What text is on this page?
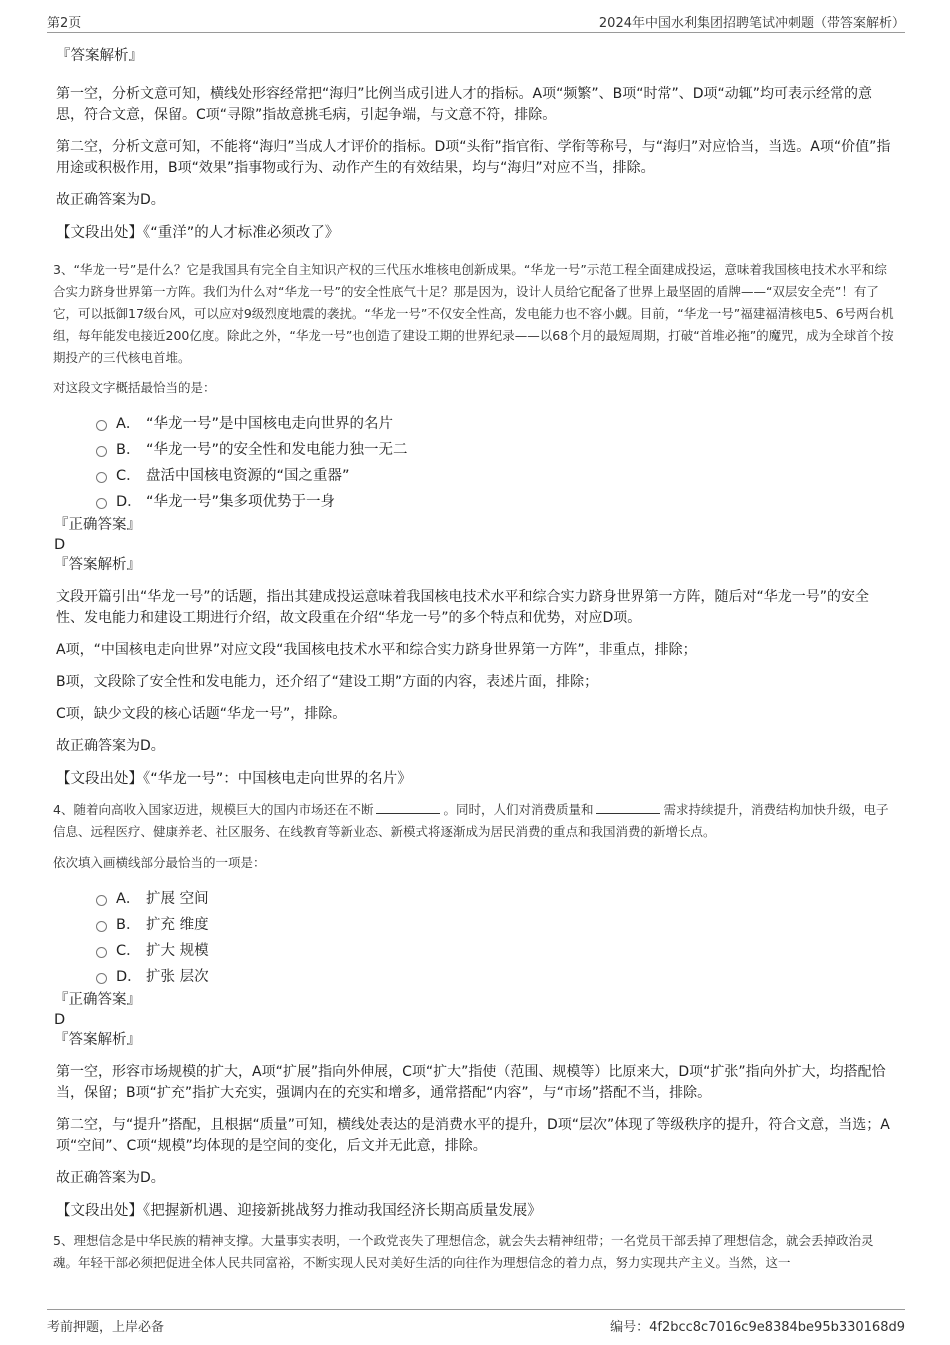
第2页	2024年中国水利集团招聘笔试冲刺题（带答案解析）

『答案解析』

第一空，分析文意可知，横线处形容经常把“海归”比例当成引进人才的指标。A项“频繁”、B项“时常”、D项“动辄”均可表示经常的意思，符合文意，保留。C项“寻隙”指故意挑毛病，引起争端，与文意不符，排除。

第二空，分析文意可知，不能将“海归”当成人才评价的指标。D项“头衔”指官衔、学衔等称号，与“海归”对应恰当，当选。A项“价值”指用途或积极作用，B项“效果”指事物或行为、动作产生的有效结果，均与“海归”对应不当，排除。

故正确答案为D。

【文段出处】《“重洋”的人才标准必须改了》

3、“华龙一号”是什么？它是我国具有完全自主知识产权的三代压水堆核电创新成果。“华龙一号”示范工程全面建成投运，意味着我国核电技术水平和综合实力跻身世界第一方阵。我们为什么对“华龙一号”的安全性底气十足？那是因为，设计人员给它配备了世界上最坚固的盾牌——“双层安全壳”！有了它，可以抵御17级台风，可以应对9级烈度地震的袭扰。“华龙一号”不仅安全性高，发电能力也不容小觑。目前，“华龙一号”福建福清核电5、6号两台机组，每年能发电接近200亿度。除此之外，“华龙一号”也创造了建设工期的世界纪录——以68个月的最短周期，打破“首堆必拖”的魔咒，成为全球首个按期投产的三代核电首堆。

对这段文字概括最恰当的是：

A． “华龙一号”是中国核电走向世界的名片
B． “华龙一号”的安全性和发电能力独一无二
C． 盘活中国核电资源的“国之重器”
D． “华龙一号”集多项优势于一身

『正确答案』

D

『答案解析』

文段开篇引出“华龙一号”的话题，指出其建成投运意味着我国核电技术水平和综合实力跻身世界第一方阵，随后对“华龙一号”的安全性、发电能力和建设工期进行介绍，故文段重在介绍“华龙一号”的多个特点和优势，对应D项。

A项，“中国核电走向世界”对应文段“我国核电技术水平和综合实力跻身世界第一方阵”，非重点，排除；

B项，文段除了安全性和发电能力，还介绍了“建设工期”方面的内容，表述片面，排除；

C项，缺少文段的核心话题“华龙一号”，排除。

故正确答案为D。

【文段出处】《“华龙一号”：中国核电走向世界的名片》

4、随着向高收入国家迈进，规模巨大的国内市场还在不断	。同时，人们对消费质量和	需求持续提升，消费结构加快升级，电子信息、远程医疗、健康养老、社区服务、在线教育等新业态、新模式将逐渐成为居民消费的重点和我国消费的新增长点。

依次填入画横线部分最恰当的一项是：

A． 扩展 空间
B． 扩充 维度
C． 扩大 规模
D． 扩张 层次

『正确答案』

D

『答案解析』

第一空，形容市场规模的扩大，A项“扩展”指向外伸展，C项“扩大”指使（范围、规模等）比原来大，D项“扩张”指向外扩大，均搭配恰当，保留；B项“扩充”指扩大充实，强调内在的充实和增多，通常搭配“内容”，与“市场”搭配不当，排除。

第二空，与“提升”搭配，且根据“质量”可知，横线处表达的是消费水平的提升，D项“层次”体现了等级秩序的提升，符合文意，当选；A项“空间”、C项“规模”均体现的是空间的变化，后文并无此意，排除。

故正确答案为D。

【文段出处】《把握新机遇、迎接新挑战努力推动我国经济长期高质量发展》

5、理想信念是中华民族的精神支撑。大量事实表明，一个政党丧失了理想信念，就会失去精神纽带；一名党员干部丢掉了理想信念，就会丢掉政治灵魂。年轻干部必须把促进全体人民共同富裕，不断实现人民对美好生活的向往作为理想信念的着力点，努力实现共产主义。当然，这一

考前押题，上岸必备	编号：4f2bcc8c7016c9e8384be95b330168d9
